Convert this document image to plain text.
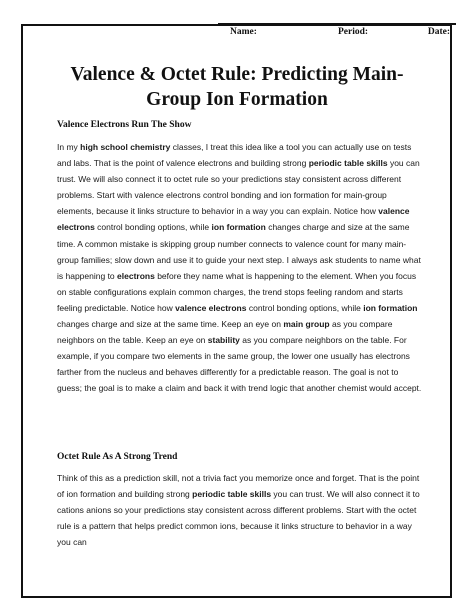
Name:	Period:	Date:
Valence & Octet Rule: Predicting Main-
Group Ion Formation
Valence Electrons Run The Show

In my high school chemistry classes, I treat this idea like a tool you can actually use on tests and labs. That is the point of valence electrons and building strong periodic table skills you can trust. We will also connect it to octet rule so your predictions stay consistent across different problems. Start with valence electrons control bonding and ion formation for main-group elements, because it links structure to behavior in a way you can explain. Notice how valence electrons control bonding options, while ion formation changes charge and size at the same time. A common mistake is skipping group number connects to valence count for many main-group families; slow down and use it to guide your next step. I always ask students to name what is happening to electrons before they name what is happening to the element. When you focus on stable configurations explain common charges, the trend stops feeling random and starts feeling predictable. Notice how valence electrons control bonding options, while ion formation changes charge and size at the same time. Keep an eye on main group as you compare neighbors on the table. Keep an eye on stability as you compare neighbors on the table. For example, if you compare two elements in the same group, the lower one usually has electrons farther from the nucleus and behaves differently for a predictable reason. The goal is not to guess; the goal is to make a claim and back it with trend logic that another chemist would accept.

Octet Rule As A Strong Trend

Think of this as a prediction skill, not a trivia fact you memorize once and forget. That is the point of ion formation and building strong periodic table skills you can trust. We will also connect it to cations anions so your predictions stay consistent across different problems. Start with the octet rule is a pattern that helps predict common ions, because it links structure to behavior in a way you can
